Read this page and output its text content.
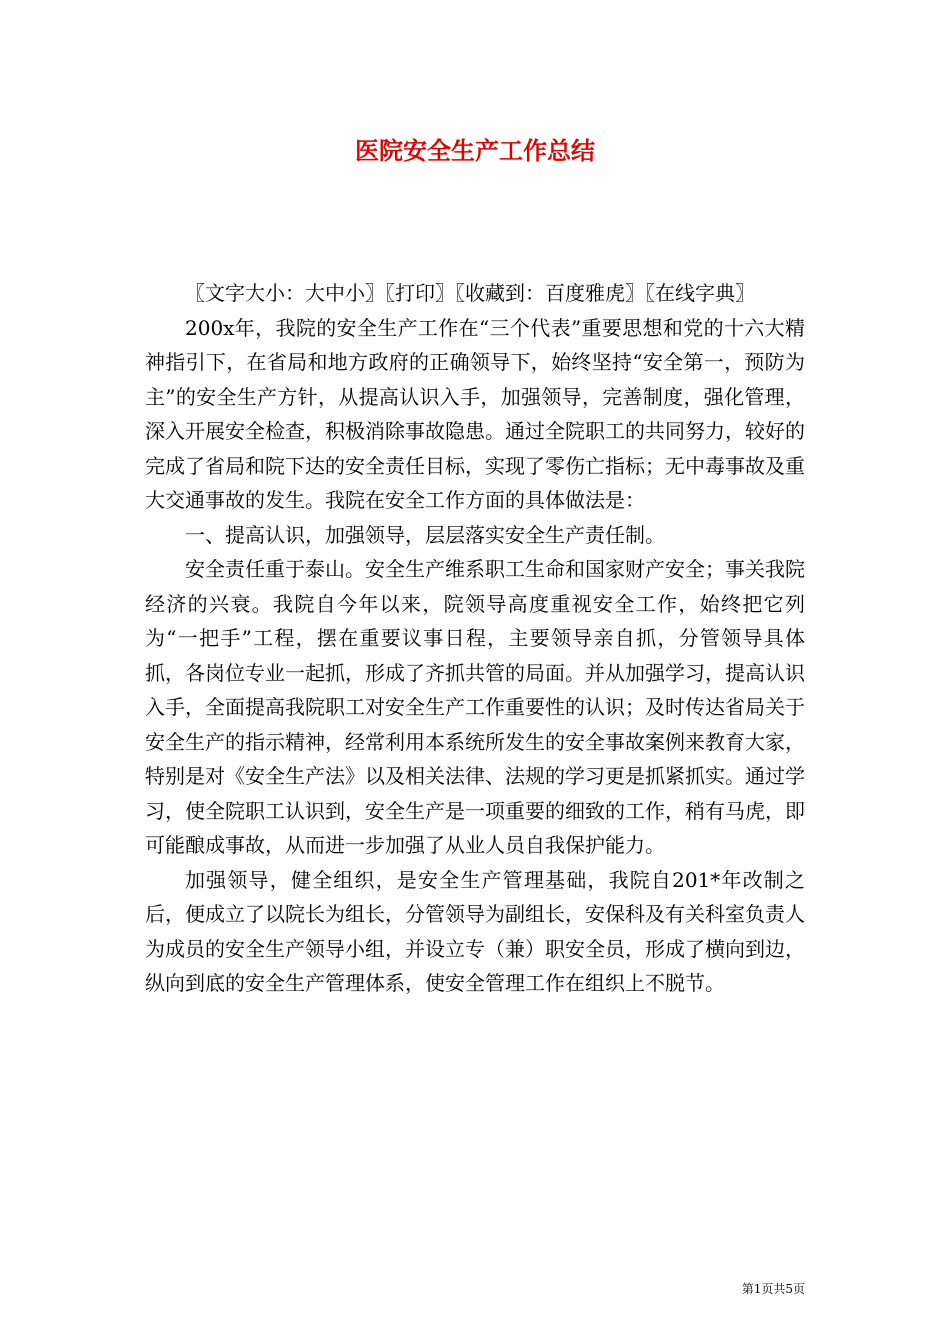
医院安全生产工作总结

〖文字大小：大中小〗〖打印〗〖收藏到：百度雅虎〗〖在线字典〗

200x年，我院的安全生产工作在“三个代表”重要思想和党的十六大精神指引下，在省局和地方政府的正确领导下，始终坚持“安全第一，预防为主”的安全生产方针，从提高认识入手，加强领导，完善制度，强化管理，深入开展安全检查，积极消除事故隐患。通过全院职工的共同努力，较好的完成了省局和院下达的安全责任目标，实现了零伤亡指标；无中毒事故及重大交通事故的发生。我院在安全工作方面的具体做法是：

一、提高认识，加强领导，层层落实安全生产责任制。

安全责任重于泰山。安全生产维系职工生命和国家财产安全；事关我院经济的兴衰。我院自今年以来，院领导高度重视安全工作，始终把它列为“一把手”工程，摆在重要议事日程，主要领导亲自抓，分管领导具体抓，各岗位专业一起抓，形成了齐抓共管的局面。并从加强学习，提高认识入手，全面提高我院职工对安全生产工作重要性的认识；及时传达省局关于安全生产的指示精神，经常利用本系统所发生的安全事故案例来教育大家，特别是对《安全生产法》以及相关法律、法规的学习更是抓紧抓实。通过学习，使全院职工认识到，安全生产是一项重要的细致的工作，稍有马虎，即可能酿成事故，从而进一步加强了从业人员自我保护能力。

加强领导，健全组织，是安全生产管理基础，我院自201*年改制之后，便成立了以院长为组长，分管领导为副组长，安保科及有关科室负责人为成员的安全生产领导小组，并设立专（兼）职安全员，形成了横向到边，纵向到底的安全生产管理体系，使安全管理工作在组织上不脱节。

第1页共5页
